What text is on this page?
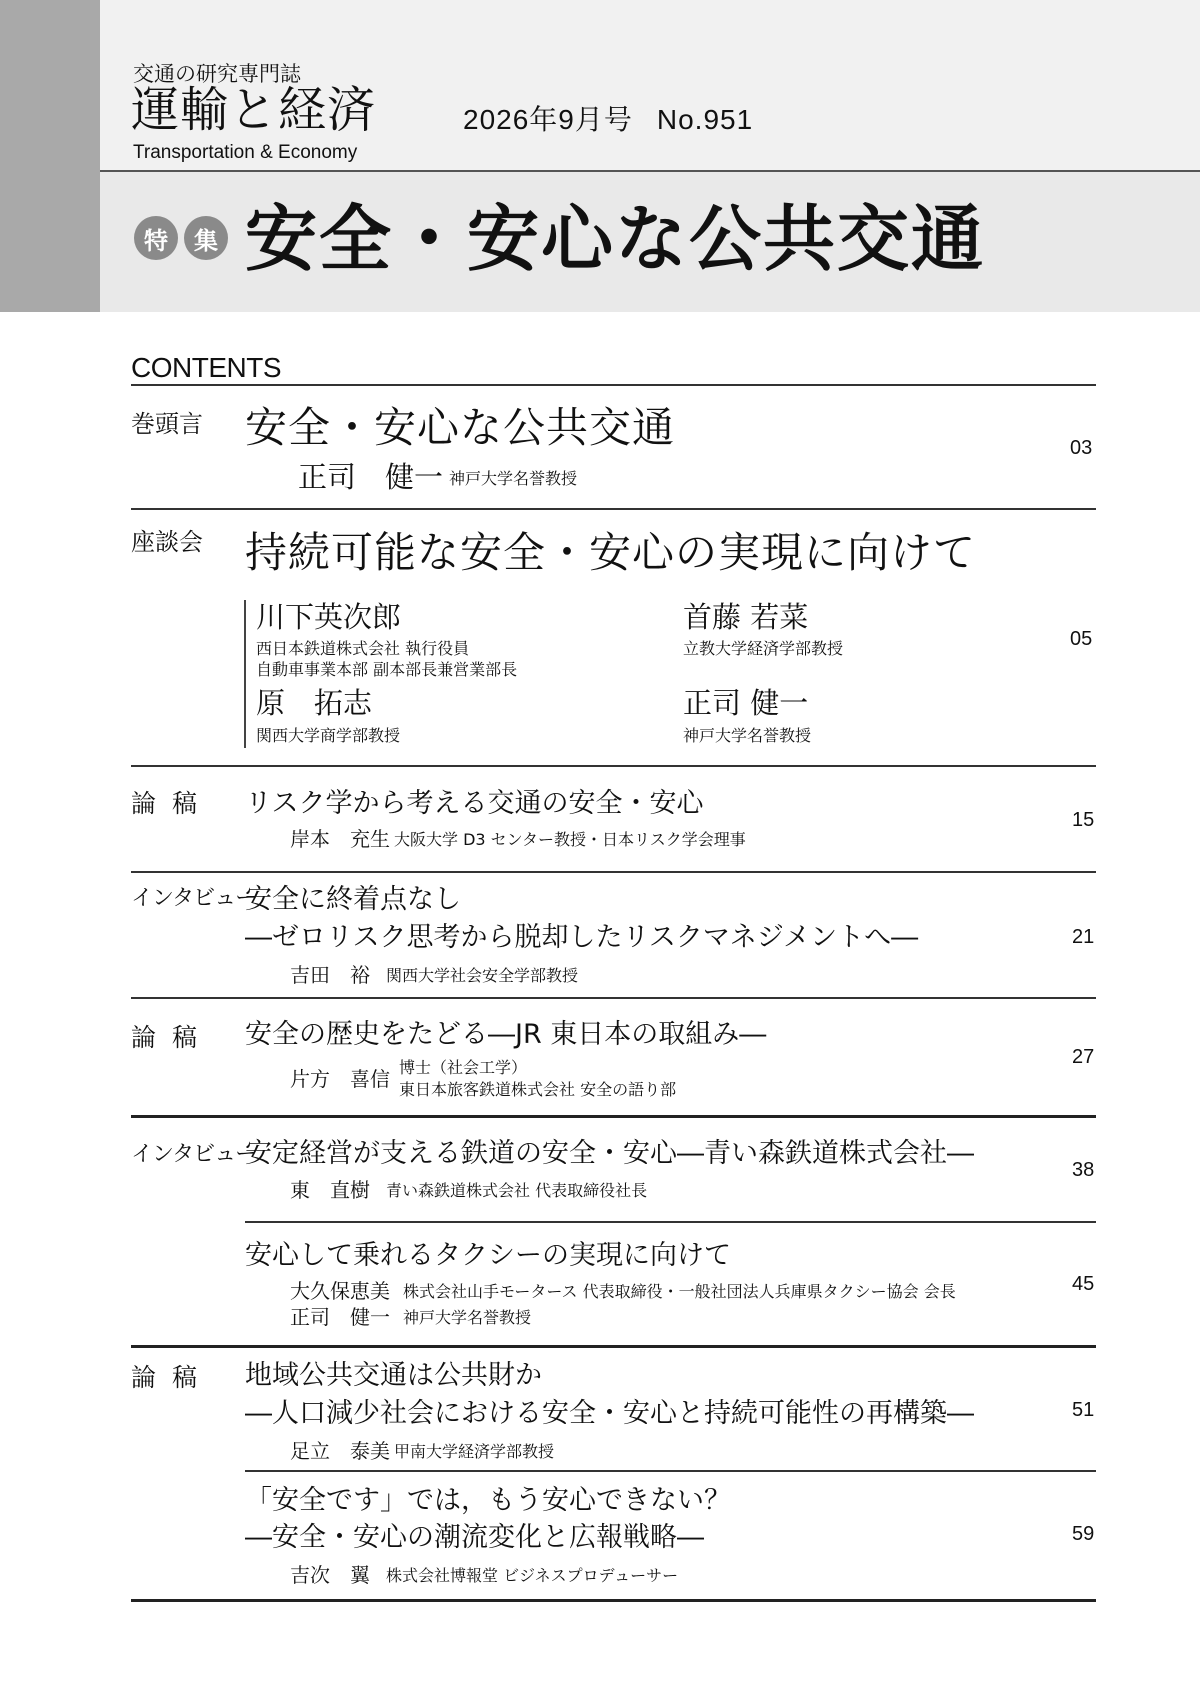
交通の研究専門誌
運輸と経済
Transportation & Economy
2026年9月号 No.951
特	集 安全・安心な公共交通
CONTENTS
巻頭言 安全・安心な公共交通
正司　健一 神戸大学名誉教授
03
座談会 持続可能な安全・安心の実現に向けて
川下英次郎
西日本鉄道株式会社 執行役員
自動車事業本部 副本部長兼営業部長
首藤 若菜
立教大学経済学部教授
原　拓志
関西大学商学部教授
正司 健一
神戸大学名誉教授
05
論稿 リスク学から考える交通の安全・安心
岸本　充生 大阪大学 D3 センター教授・日本リスク学会理事
15
インタビュー
安全に終着点なし
―ゼロリスク思考から脱却したリスクマネジメントへ―
吉田　裕 関西大学社会安全学部教授
21
論稿 安全の歴史をたどる―JR 東日本の取組み―
片方　喜信 博士（社会工学）
東日本旅客鉄道株式会社 安全の語り部
27
インタビュー
安定経営が支える鉄道の安全・安心―青い森鉄道株式会社―
東　直樹 青い森鉄道株式会社 代表取締役社長
38
安心して乗れるタクシーの実現に向けて
大久保恵美 株式会社山手モータース 代表取締役・一般社団法人兵庫県タクシー協会 会長
正司　健一 神戸大学名誉教授
45
論稿 地域公共交通は公共財か
―人口減少社会における安全・安心と持続可能性の再構築―
足立　泰美 甲南大学経済学部教授
51
「安全です」では，もう安心できない？
―安全・安心の潮流変化と広報戦略―
吉次　翼 株式会社博報堂 ビジネスプロデューサー
59
